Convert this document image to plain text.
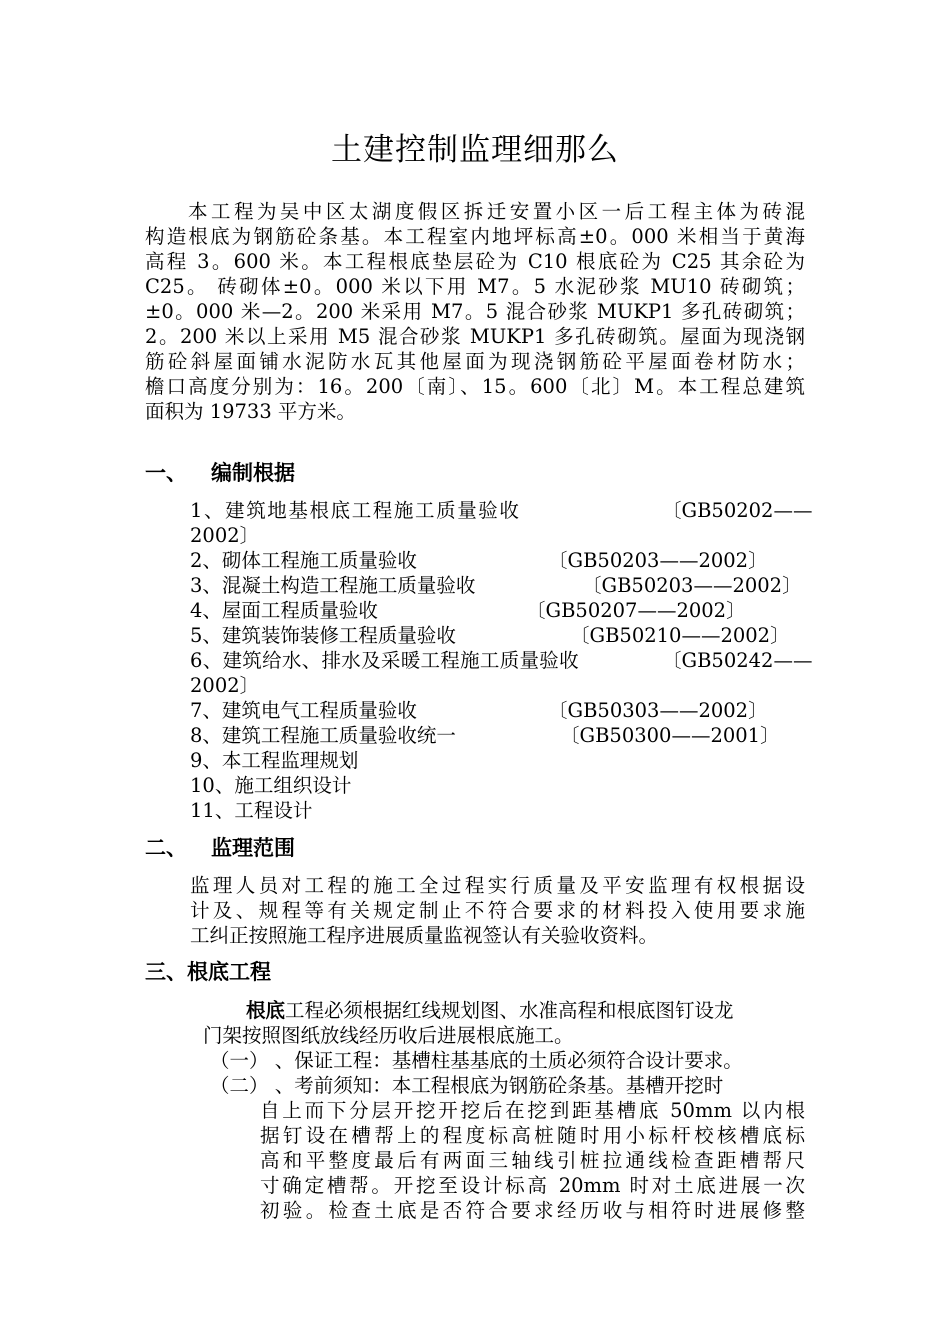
土建控制监理细那么
本工程为吴中区太湖度假区拆迁安置小区一后工程主体为砖混
构造根底为钢筋砼条基。本工程室内地坪标高±0。000 米相当于黄海
高程 3。600 米。本工程根底垫层砼为 C10 根底砼为 C25 其余砼为
C25。 砖砌体±0。000 米以下用 M7。5 水泥砂浆 MU10 砖砌筑；
±0。000 米—2。200 米采用 M7。5 混合砂浆 MUKP1 多孔砖砌筑；
2。200 米以上采用 M5 混合砂浆 MUKP1 多孔砖砌筑。屋面为现浇钢
筋砼斜屋面铺水泥防水瓦其他屋面为现浇钢筋砼平屋面卷材防水；
檐口高度分别为：16。200〔南〕、15。600〔北〕M。本工程总建筑
面积为 19733 平方米。
一、 编制根据
1、建筑地基根底工程施工质量验收	〔GB50202——
2002〕
2、砌体工程施工质量验收	〔GB50203——2002〕
3、混凝土构造工程施工质量验收	〔GB50203——2002〕
4、屋面工程质量验收	〔GB50207——2002〕
5、建筑装饰装修工程质量验收	〔GB50210——2002〕
6、建筑给水、排水及采暖工程施工质量验收	〔GB50242——
2002〕
7、建筑电气工程质量验收	〔GB50303——2002〕
8、建筑工程施工质量验收统一	〔GB50300——2001〕
9、本工程监理规划
10、施工组织设计
11、工程设计
二、 监理范围
监理人员对工程的施工全过程实行质量及平安监理有权根据设
计及、规程等有关规定制止不符合要求的材料投入使用要求施
工纠正按照施工程序进展质量监视签认有关验收资料。
三、根底工程
根底工程必须根据红线规划图、水准高程和根底图钉设龙
门架按照图纸放线经历收后进展根底施工。
（一） 、保证工程：基槽柱基基底的土质必须符合设计要求。
（二） 、考前须知：本工程根底为钢筋砼条基。基槽开挖时
自上而下分层开挖开挖后在挖到距基槽底 50mm 以内根
据钉设在槽帮上的程度标高桩随时用小标杆校核槽底标
高和平整度最后有两面三轴线引桩拉通线检查距槽帮尺
寸确定槽帮。开挖至设计标高 20mm 时对土底进展一次
初验。检查土底是否符合要求经历收与相符时进展修整
